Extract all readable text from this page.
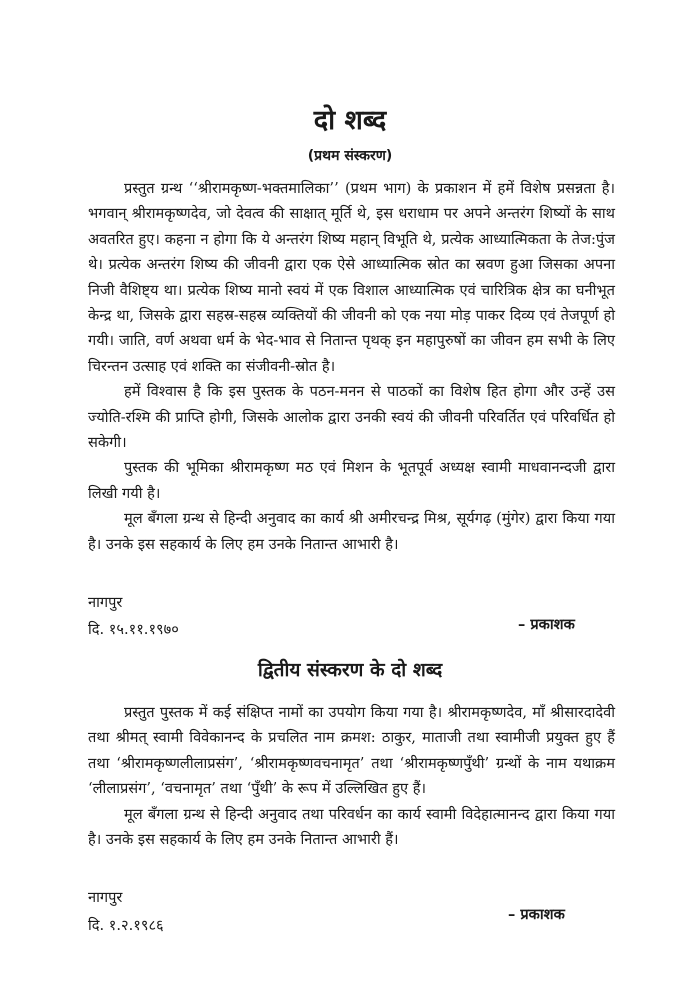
दो शब्द
(प्रथम संस्करण)

प्रस्तुत ग्रन्थ ‘‘श्रीरामकृष्ण-भक्तमालिका’’ (प्रथम भाग) के प्रकाशन में हमें विशेष प्रसन्नता है। भगवान् श्रीरामकृष्णदेव, जो देवत्व की साक्षात् मूर्ति थे, इस धराधाम पर अपने अन्तरंग शिष्यों के साथ अवतरित हुए। कहना न होगा कि ये अन्तरंग शिष्य महान् विभूति थे, प्रत्येक आध्यात्मिकता के तेज:पुंज थे। प्रत्येक अन्तरंग शिष्य की जीवनी द्वारा एक ऐसे आध्यात्मिक स्रोत का स्रवण हुआ जिसका अपना निजी वैशिष्ट्य था। प्रत्येक शिष्य मानो स्वयं में एक विशाल आध्यात्मिक एवं चारित्रिक क्षेत्र का घनीभूत केन्द्र था, जिसके द्वारा सहस्र-सहस्र व्यक्तियों की जीवनी को एक नया मोड़ पाकर दिव्य एवं तेजपूर्ण हो गयी। जाति, वर्ण अथवा धर्म के भेद-भाव से नितान्त पृथक् इन महापुरुषों का जीवन हम सभी के लिए चिरन्तन उत्साह एवं शक्ति का संजीवनी-स्रोत है।

हमें विश्वास है कि इस पुस्तक के पठन-मनन से पाठकों का विशेष हित होगा और उन्हें उस ज्योति-रश्मि की प्राप्ति होगी, जिसके आलोक द्वारा उनकी स्वयं की जीवनी परिवर्तित एवं परिवर्धित हो सकेगी।

पुस्तक की भूमिका श्रीरामकृष्ण मठ एवं मिशन के भूतपूर्व अध्यक्ष स्वामी माधवानन्दजी द्वारा लिखी गयी है।

मूल बँगला ग्रन्थ से हिन्दी अनुवाद का कार्य श्री अमीरचन्द्र मिश्र, सूर्यगढ़ (मुंगेर) द्वारा किया गया है। उनके इस सहकार्य के लिए हम उनके नितान्त आभारी है।

नागपुर
दि. १५.११.१९७०	– प्रकाशक
द्वितीय संस्करण के दो शब्द

प्रस्तुत पुस्तक में कई संक्षिप्त नामों का उपयोग किया गया है। श्रीरामकृष्णदेव, माँ श्रीसारदादेवी तथा श्रीमत् स्वामी विवेकानन्द के प्रचलित नाम क्रमश: ठाकुर, माताजी तथा स्वामीजी प्रयुक्त हुए हैं तथा ‘श्रीरामकृष्णलीलाप्रसंग’, ‘श्रीरामकृष्णवचनामृत’ तथा ‘श्रीरामकृष्णपुँथी’ ग्रन्थों के नाम यथाक्रम ‘लीलाप्रसंग’, ‘वचनामृत’ तथा ‘पुँथी’ के रूप में उल्लिखित हुए हैं।

मूल बँगला ग्रन्थ से हिन्दी अनुवाद तथा परिवर्धन का कार्य स्वामी विदेहात्मानन्द द्वारा किया गया है। उनके इस सहकार्य के लिए हम उनके नितान्त आभारी हैं।

नागपुर
दि. १.२.१९८६
– प्रकाशक
